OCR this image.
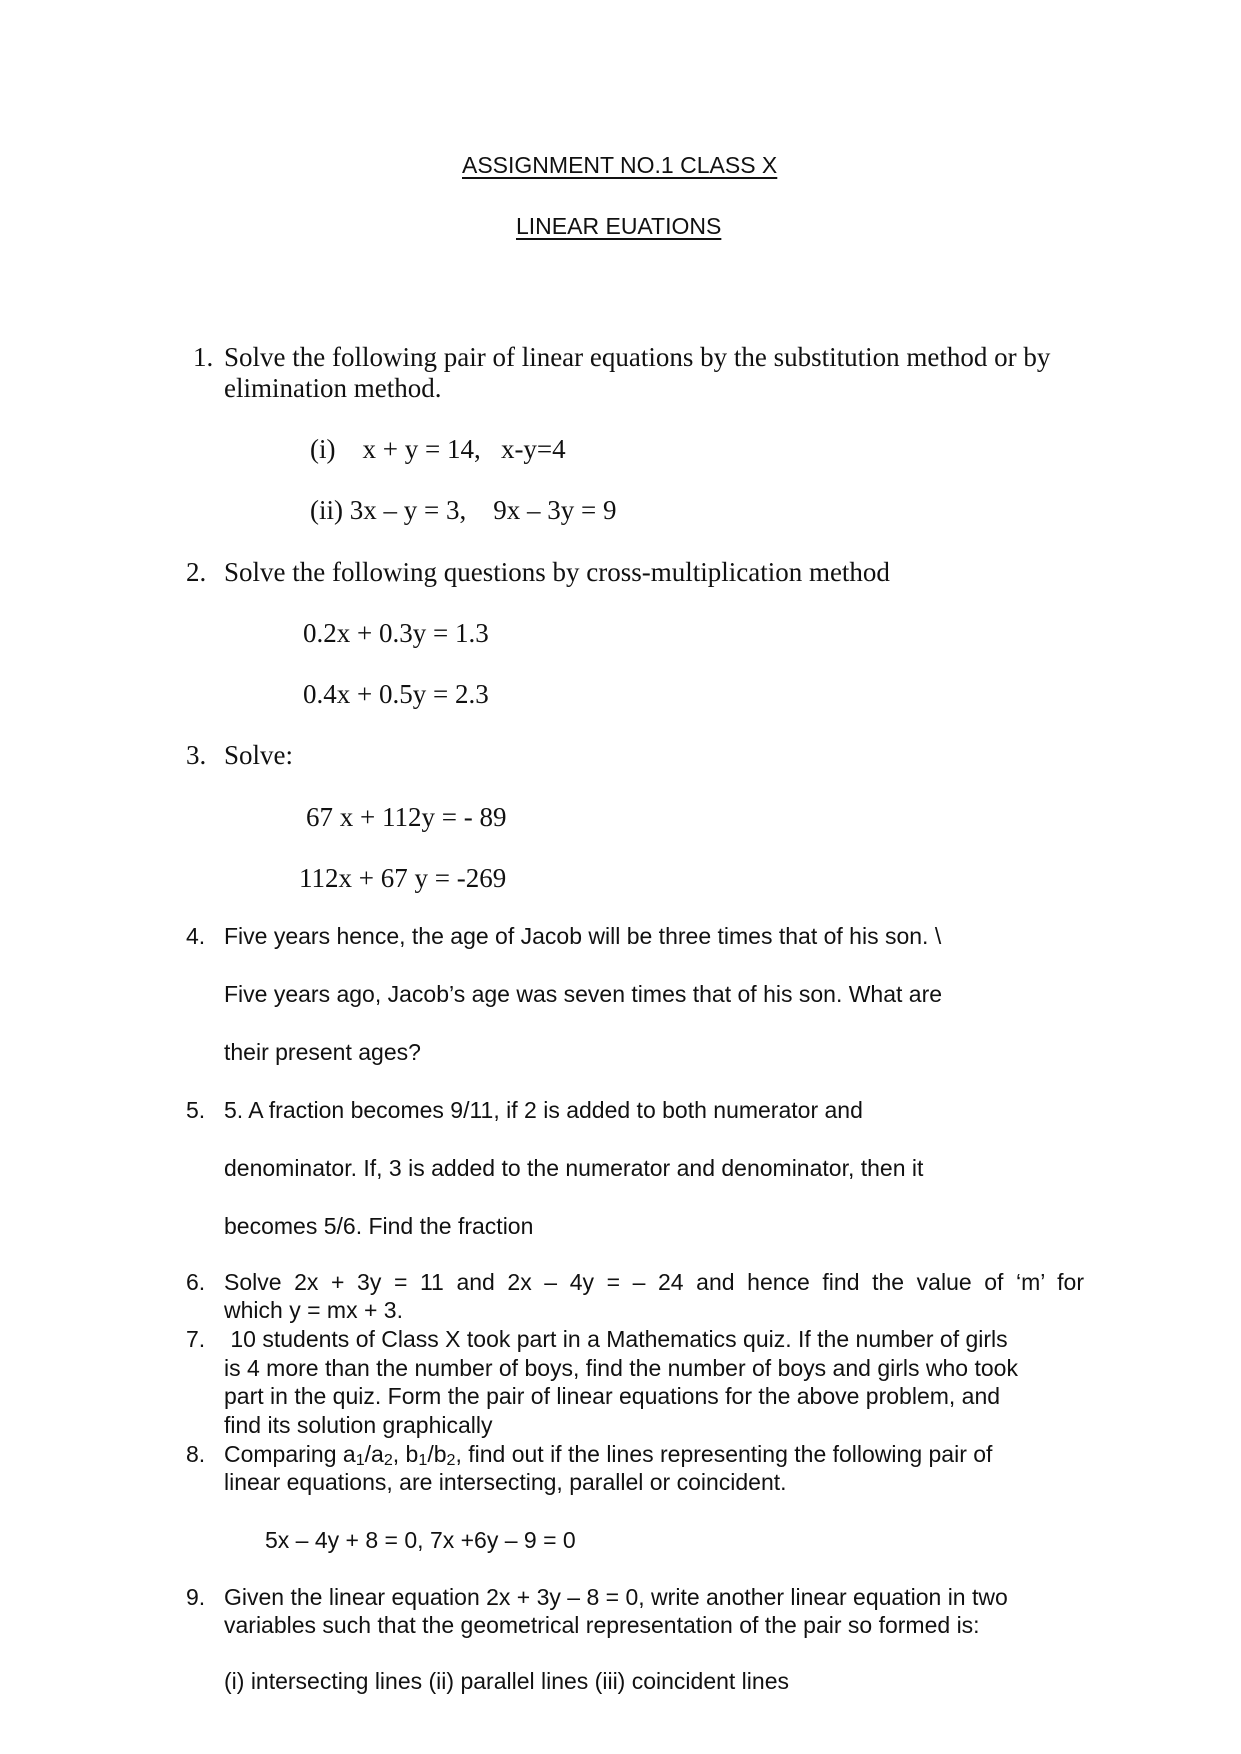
ASSIGNMENT NO.1 CLASS X
LINEAR EUATIONS
1. Solve the following pair of linear equations by the substitution method or by
elimination method.
(i)    x + y = 14,   x-y=4
(ii) 3x – y = 3,    9x – 3y = 9
2. Solve the following questions by cross-multiplication method
0.2x + 0.3y = 1.3
0.4x + 0.5y = 2.3
3. Solve:
67 x + 112y = - 89
112x + 67 y = -269
4. Five years hence, the age of Jacob will be three times that of his son. \
Five years ago, Jacob’s age was seven times that of his son. What are
their present ages?
5. 5. A fraction becomes 9/11, if 2 is added to both numerator and
denominator. If, 3 is added to the numerator and denominator, then it
becomes 5/6. Find the fraction
6. Solve 2x + 3y = 11 and 2x – 4y = – 24 and hence find the value of ‘m’ for
which y = mx + 3.
7. 10 students of Class X took part in a Mathematics quiz. If the number of girls
is 4 more than the number of boys, find the number of boys and girls who took
part in the quiz. Form the pair of linear equations for the above problem, and
find its solution graphically
8. Comparing $a_1/a_2$, $b_1/b_2$, find out if the lines representing the following pair of
linear equations, are intersecting, parallel or coincident.
5x – 4y + 8 = 0, 7x +6y – 9 = 0
9. Given the linear equation 2x + 3y – 8 = 0, write another linear equation in two
variables such that the geometrical representation of the pair so formed is:
(i) intersecting lines (ii) parallel lines (iii) coincident lines
